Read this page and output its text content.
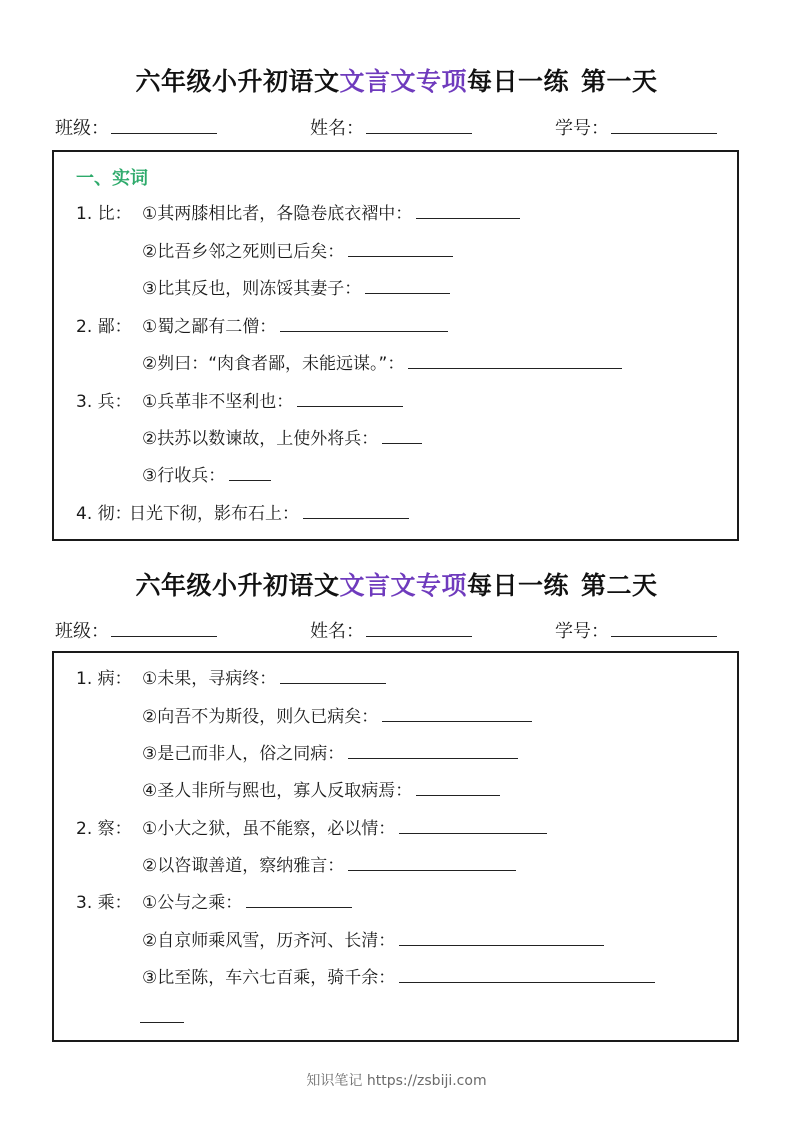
六年级小升初语文文言文专项每日一练 第一天
班级：	姓名：	学号：
一、实词
1. 比： ①其两膝相比者，各隐卷底衣褶中：
②比吾乡邻之死则已后矣：
③比其反也，则冻馁其妻子：
2. 鄙： ①蜀之鄙有二僧：
②刿曰：“肉食者鄙，未能远谋。”：
3. 兵： ①兵革非不坚利也：
②扶苏以数谏故，上使外将兵：
③行收兵：
4. 彻：日光下彻，影布石上：
六年级小升初语文文言文专项每日一练 第二天
班级：	姓名：	学号：
1. 病： ①未果，寻病终：
②向吾不为斯役，则久已病矣：
③是己而非人，俗之同病：
④圣人非所与熙也，寡人反取病焉：
2. 察： ①小大之狱，虽不能察，必以情：
②以咨诹善道，察纳雅言：
3. 乘： ①公与之乘：
②自京师乘风雪，历齐河、长清：
③比至陈，车六七百乘，骑千余：
知识笔记 https://zsbiji.com
